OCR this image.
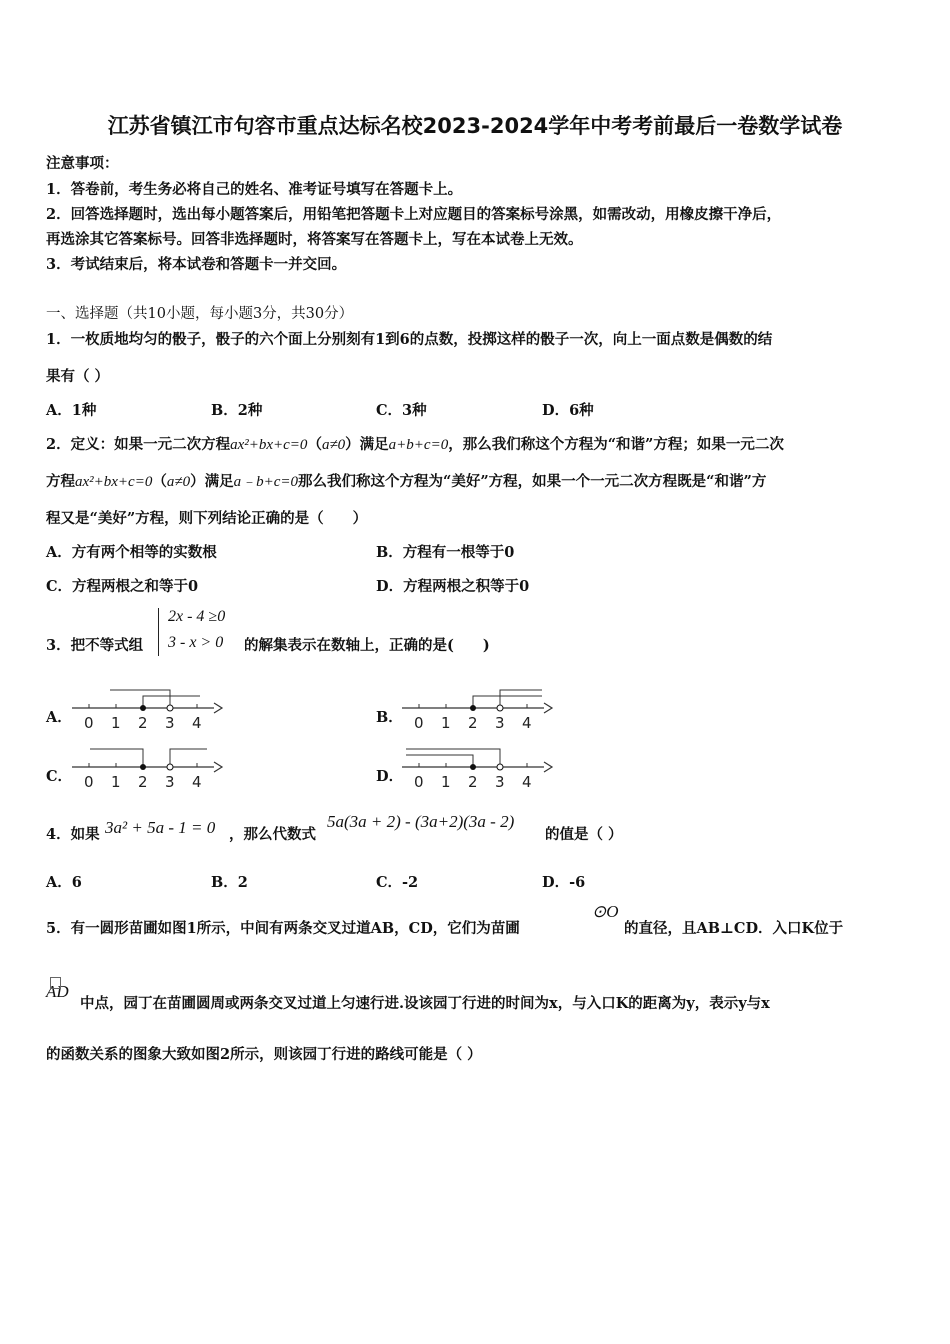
江苏省镇江市句容市重点达标名校2023-2024学年中考考前最后一卷数学试卷
注意事项：
1．答卷前，考生务必将自己的姓名、准考证号填写在答题卡上。
2．回答选择题时，选出每小题答案后，用铅笔把答题卡上对应题目的答案标号涂黑，如需改动，用橡皮擦干净后，
再选涂其它答案标号。回答非选择题时，将答案写在答题卡上，写在本试卷上无效。
3．考试结束后，将本试卷和答题卡一并交回。
一、选择题（共10小题，每小题3分，共30分）
1．一枚质地均匀的骰子，骰子的六个面上分别刻有1到6的点数，投掷这样的骰子一次，向上一面点数是偶数的结
果有（ ）
A．1种	B．2种	C．3种	D．6种
2．定义：如果一元二次方程ax²+bx+c=0（a≠0）满足a+b+c=0，那么我们称这个方程为“和谐”方程；如果一元二次
方程ax²+bx+c=0（a≠0）满足a﹣b+c=0那么我们称这个方程为“美好”方程，如果一个一元二次方程既是“和谐”方
程又是“美好”方程，则下列结论正确的是（　　）
A．方有两个相等的实数根	B．方程有一根等于0
C．方程两根之和等于0	D．方程两根之积等于0
3．把不等式组
2x - 4 ≥0
3 - x > 0 的解集表示在数轴上，正确的是(　　)
A． 0 1 2 3 4	B． 0 1 2 3 4
C． 0 1 2 3 4	D． 0 1 2 3 4
4．如果 3a² + 5a - 1 = 0 ，那么代数式
5a(3a + 2) - (3a+2)(3a - 2)
的值是（ ）
A．6	B．2	C．-2	D．-6
5．有一圆形苗圃如图1所示，中间有两条交叉过道AB，CD，它们为苗圃
⊙O
的直径，且AB⊥CD．入口K位于
AD
中点，园丁在苗圃圆周或两条交叉过道上匀速行进.设该园丁行进的时间为x，与入口K的距离为y，表示y与x
的函数关系的图象大致如图2所示，则该园丁行进的路线可能是（ ）
